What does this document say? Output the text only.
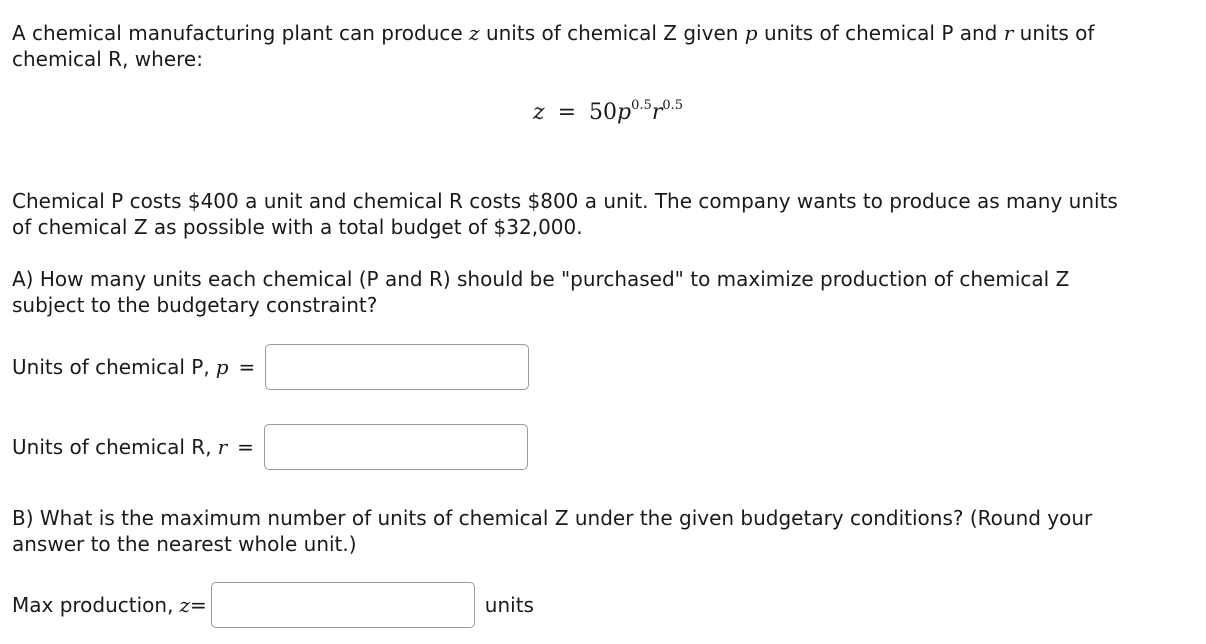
A chemical manufacturing plant can produce z units of chemical Z given p units of chemical P and r units of
chemical R, where:

$z = 50p^{0.5}r^{0.5}$

Chemical P costs $400 a unit and chemical R costs $800 a unit. The company wants to produce as many units
of chemical Z as possible with a total budget of $32,000.

A) How many units each chemical (P and R) should be "purchased" to maximize production of chemical Z
subject to the budgetary constraint?

Units of chemical P, p =
Units of chemical R, r =

B) What is the maximum number of units of chemical Z under the given budgetary conditions? (Round your
answer to the nearest whole unit.)

Max production, z =	units
